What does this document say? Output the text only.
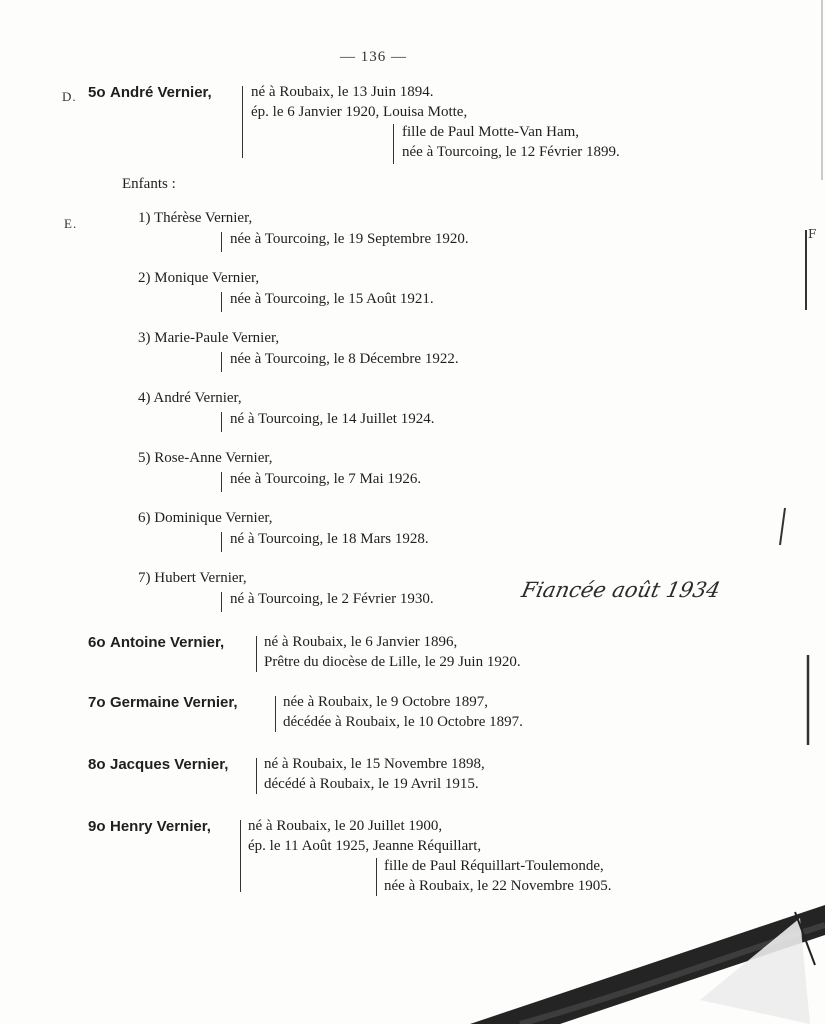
— 136 —
D. 5o André Vernier,	né à Roubaix, le 13 Juin 1894.
ép. le 6 Janvier 1920, Louisa Motte,
fille de Paul Motte-Van Ham,
née à Tourcoing, le 12 Février 1899.
Enfants :
E.	1) Thérèse Vernier,
née à Tourcoing, le 19 Septembre 1920.
2) Monique Vernier,
née à Tourcoing, le 15 Août 1921.
3) Marie-Paule Vernier,
née à Tourcoing, le 8 Décembre 1922.
4) André Vernier,
né à Tourcoing, le 14 Juillet 1924.
5) Rose-Anne Vernier,
née à Tourcoing, le 7 Mai 1926.
6) Dominique Vernier,
né à Tourcoing, le 18 Mars 1928.
7) Hubert Vernier,
né à Tourcoing, le 2 Février 1930.	Fiancée août 1934
6o Antoine Vernier,	né à Roubaix, le 6 Janvier 1896,
Prêtre du diocèse de Lille, le 29 Juin 1920.
7o Germaine Vernier,	née à Roubaix, le 9 Octobre 1897,
décédée à Roubaix, le 10 Octobre 1897.
8o Jacques Vernier, né à Roubaix, le 15 Novembre 1898,
décédé à Roubaix, le 19 Avril 1915.
9o Henry Vernier, né à Roubaix, le 20 Juillet 1900,
ép. le 11 Août 1925, Jeanne Réquillart,
fille de Paul Réquillart-Toulemonde,
née à Roubaix, le 22 Novembre 1905.
F
